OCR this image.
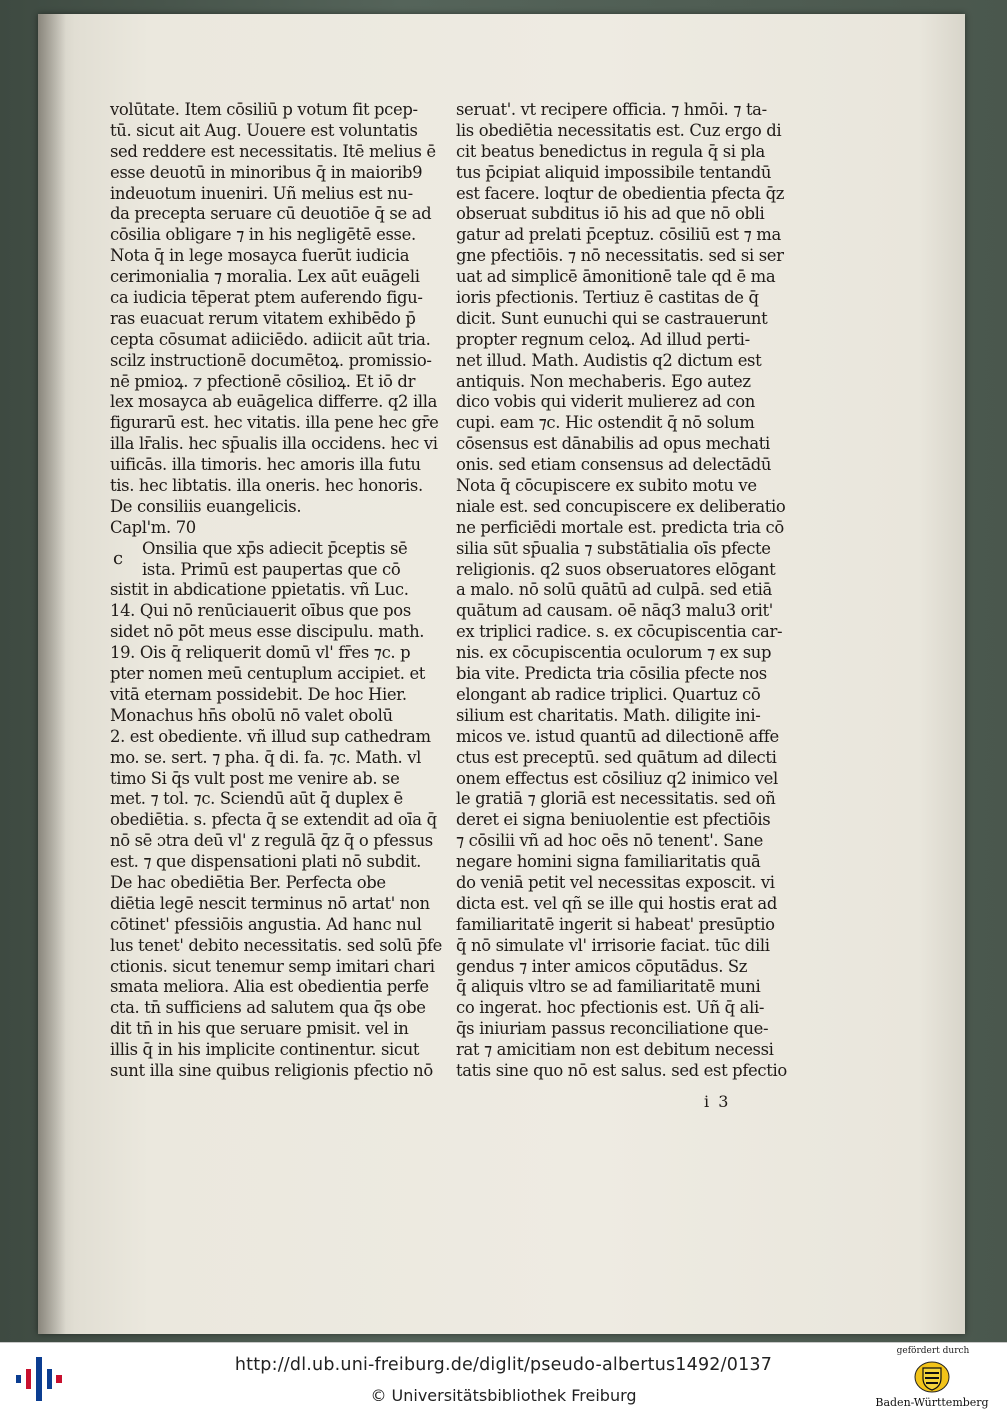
volūtate. Item cōsiliū p votum fit pcep-
tū. sicut ait Aug. Uouere est voluntatis
sed reddere est necessitatis. Itē melius ē
esse deuotū in minoribus q̄ in maiorib9
indeuotum inueniri. Uñ melius est nu-
da precepta seruare cū deuotiōe q̄ se ad
cōsilia obligare ⁊ in his negligētē esse.
Nota q̄ in lege mosayca fuerūt iudicia
cerimonialia ⁊ moralia. Lex aūt euāgeli
ca iudicia tēperat ptem auferendo figu-
ras euacuat rerum vitatem exhibēdo p̄
cepta cōsumat adiiciēdo. adiicit aūt tria.
scilz instructionē documētoꝝ. promissio-
nē pmioꝝ. ⁊ pfectionē cōsilioꝝ. Et iō dr
lex mosayca ab euāgelica differre. q2 illa
figurarū est. hec vitatis. illa pene hec gr̄e
illa lr̄alis. hec sp̄ualis illa occidens. hec vi
uificās. illa timoris. hec amoris illa futu
tis. hec libtatis. illa oneris. hec honoris.
De consiliis euangelicis.
Capl'm. 70
Onsilia que xp̄s adiecit p̄ceptis sē
ista. Primū est paupertas que cō
sistit in abdicatione ppietatis. vñ Luc.
14. Qui nō renūciauerit oībus que pos
sidet nō pōt meus esse discipulu. math.
19. Ois q̄ reliquerit domū vl' fr̄es ⁊c. p
pter nomen meū centuplum accipiet. et
vitā eternam possidebit. De hoc Hier.
Monachus hn̄s obolū nō valet obolū
2. est obediente. vñ illud sup cathedram
mo. se. sert. ⁊ pha. q̄ di. fa. ⁊c. Math. vl
timo Si q̄s vult post me venire ab. se
met. ⁊ tol. ⁊c. Sciendū aūt q̄ duplex ē
obediētia. s. pfecta q̄ se extendit ad oīa q̄
nō sē ɔtra deū vl' z regulā q̄z q̄ o pfessus
est. ⁊ que dispensationi plati nō subdit.
De hac obediētia Ber. Perfecta obe
diētia legē nescit terminus nō artat' non
cōtinet' pfessiōis angustia. Ad hanc nul
lus tenet' debito necessitatis. sed solū p̄fe
ctionis. sicut tenemur semp imitari chari
smata meliora. Alia est obedientia perfe
cta. tn̄ sufficiens ad salutem qua q̄s obe
dit tn̄ in his que seruare pmisit. vel in
illis q̄ in his implicite continentur. sicut
sunt illa sine quibus religionis pfectio nō
seruat'. vt recipere officia. ⁊ hmōi. ⁊ ta-
lis obediētia necessitatis est. Cuz ergo di
cit beatus benedictus in regula q̄ si pla
tus p̄cipiat aliquid impossibile tentandū
est facere. loqtur de obedientia pfecta q̄z
obseruat subditus iō his ad que nō obli
gatur ad prelati p̄ceptuz. cōsiliū est ⁊ ma
gne pfectiōis. ⁊ nō necessitatis. sed si ser
uat ad simplicē āmonitionē tale qd ē ma
ioris pfectionis. Tertiuz ē castitas de q̄
dicit. Sunt eunuchi qui se castrauerunt
propter regnum celoꝝ. Ad illud perti-
net illud. Math. Audistis q2 dictum est
antiquis. Non mechaberis. Ego autez
dico vobis qui viderit mulierez ad con
cupi. eam ⁊c. Hic ostendit q̄ nō solum
cōsensus est dānabilis ad opus mechati
onis. sed etiam consensus ad delectādū
Nota q̄ cōcupiscere ex subito motu ve
niale est. sed concupiscere ex deliberatio
ne perficiēdi mortale est. predicta tria cō
silia sūt sp̄ualia ⁊ substātialia oīs pfecte
religionis. q2 suos obseruatores elōgant
a malo. nō solū quātū ad culpā. sed etiā
quātum ad causam. oē nāq3 malu3 orit'
ex triplici radice. s. ex cōcupiscentia car-
nis. ex cōcupiscentia oculorum ⁊ ex sup
bia vite. Predicta tria cōsilia pfecte nos
elongant ab radice triplici. Quartuz cō
silium est charitatis. Math. diligite ini-
micos ve. istud quantū ad dilectionē affe
ctus est preceptū. sed quātum ad dilecti
onem effectus est cōsiliuz q2 inimico vel
le gratiā ⁊ gloriā est necessitatis. sed oñ
deret ei signa beniuolentie est pfectiōis
⁊ cōsilii vñ ad hoc oēs nō tenent'. Sane
negare homini signa familiaritatis quā
do veniā petit vel necessitas exposcit. vi
dicta est. vel qñ se ille qui hostis erat ad
familiaritatē ingerit si habeat' presūptio
q̄ nō simulate vl' irrisorie faciat. tūc dili
gendus ⁊ inter amicos cōputādus. Sz
q̄ aliquis vltro se ad familiaritatē muni
co ingerat. hoc pfectionis est. Uñ q̄ ali-
q̄s iniuriam passus reconciliatione que-
rat ⁊ amicitiam non est debitum necessi
tatis sine quo nō est salus. sed est pfectio
c
i 3
http://dl.ub.uni-freiburg.de/diglit/pseudo-albertus1492/0137
© Universitätsbibliothek Freiburg
gefördert durch
Baden-Württemberg
